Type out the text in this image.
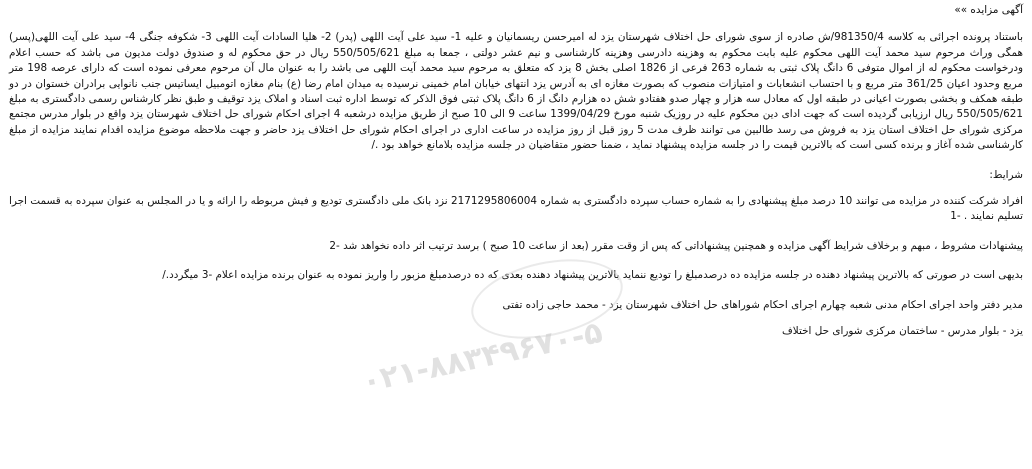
آگهی مزایده »»

باستناد پرونده اجرائی به کلاسه 981350/4/ش صادره از سوی شورای حل اختلاف شهرستان یزد له امیرحسن ریسمانیان و علیه 1- سید علی آیت اللهی (پدر) 2- هلیا السادات آیت اللهی 3- شکوفه جنگی 4- سید علی آیت اللهی(پسر) همگی وراث مرحوم سید محمد آیت اللهی محکوم علیه بابت محکوم به وهزینه دادرسی وهزینه کارشناسی و نیم عشر دولتی ، جمعا به مبلغ 550/505/621 ریال در حق محکوم له و صندوق دولت مدیون می باشد که حسب اعلام ودرخواست محکوم له از اموال متوفی 6 دانگ پلاک ثبتی به شماره 263 فرعی از 1826 اصلی بخش 8 یزد که متعلق به مرحوم سید محمد آیت اللهی می باشد را به عنوان مال آن مرحوم معرفی نموده است که دارای عرصه 198 متر مربع وحدود اعیان 361/25 متر مربع و با احتساب انشعابات و امتیازات منصوب که بصورت مغازه ای به آدرس یزد انتهای خیابان امام خمینی نرسیده به میدان امام رضا (ع) بنام مغازه اتومبیل ایساتیس جنب نانوایی برادران خستوان در دو طبقه همکف و بخشی بصورت اعیانی در طبقه اول که معادل سه هزار و چهار صدو هفتادو شش ده هزارم دانگ از 6 دانگ پلاک ثبتی فوق الذکر که توسط اداره ثبت اسناد و املاک یزد توقیف و طبق نظر کارشناس رسمی دادگستری به مبلغ 550/505/621 ریال ارزیابی گردیده است که جهت ادای دین محکوم علیه در روزیک شنبه مورخ 1399/04/29 ساعت 9 الی 10 صبح از طریق مزایده درشعبه 4 اجرای احکام شورای حل اختلاف شهرستان یزد واقع در بلوار مدرس مجتمع مرکزی شورای حل اختلاف استان یزد به فروش می رسد طالبین می توانند ظرف مدت 5 روز قبل از روز مزایده در ساعت اداری در اجرای احکام شورای حل اختلاف یزد حاضر و جهت ملاحظه موضوع مزایده اقدام نمایند مزایده از مبلغ کارشناسی شده آغاز و برنده کسی است که بالاترین قیمت را در جلسه مزایده پیشنهاد نماید ، ضمنا حضور متقاضیان در جلسه مزایده بلامانع خواهد بود ./

شرایط:

افراد شرکت کننده در مزایده می توانند 10 درصد مبلغ پیشنهادی را به شماره حساب سپرده دادگستری به شماره 2171295806004 نزد بانک ملی دادگستری تودیع و فیش مربوطه را ارائه و یا در المجلس به عنوان سپرده به قسمت اجرا تسلیم نمایند . -1

پیشنهادات مشروط ، مبهم و برخلاف شرایط آگهی مزایده و همچنین پیشنهاداتی که پس از وقت مقرر (بعد از ساعت 10 صبح ) برسد ترتیب اثر داده نخواهد شد -2

بدیهی است در صورتی که بالاترین پیشنهاد دهنده در جلسه مزایده ده درصدمبلغ را تودیع ننماید بالاترین پیشنهاد دهنده بعدی که ده درصدمبلغ مزبور را واریز نموده به عنوان برنده مزایده اعلام -3 میگردد./

مدیر دفتر واحد اجرای احکام مدنی شعبه چهارم اجرای احکام شوراهای حل اختلاف شهرستان یزد - محمد حاجی زاده تفتی

یزد - بلوار مدرس - ساختمان مرکزی شورای حل اختلاف

۰۲۱-۸۸۳۴۹۶۷۰-۵
